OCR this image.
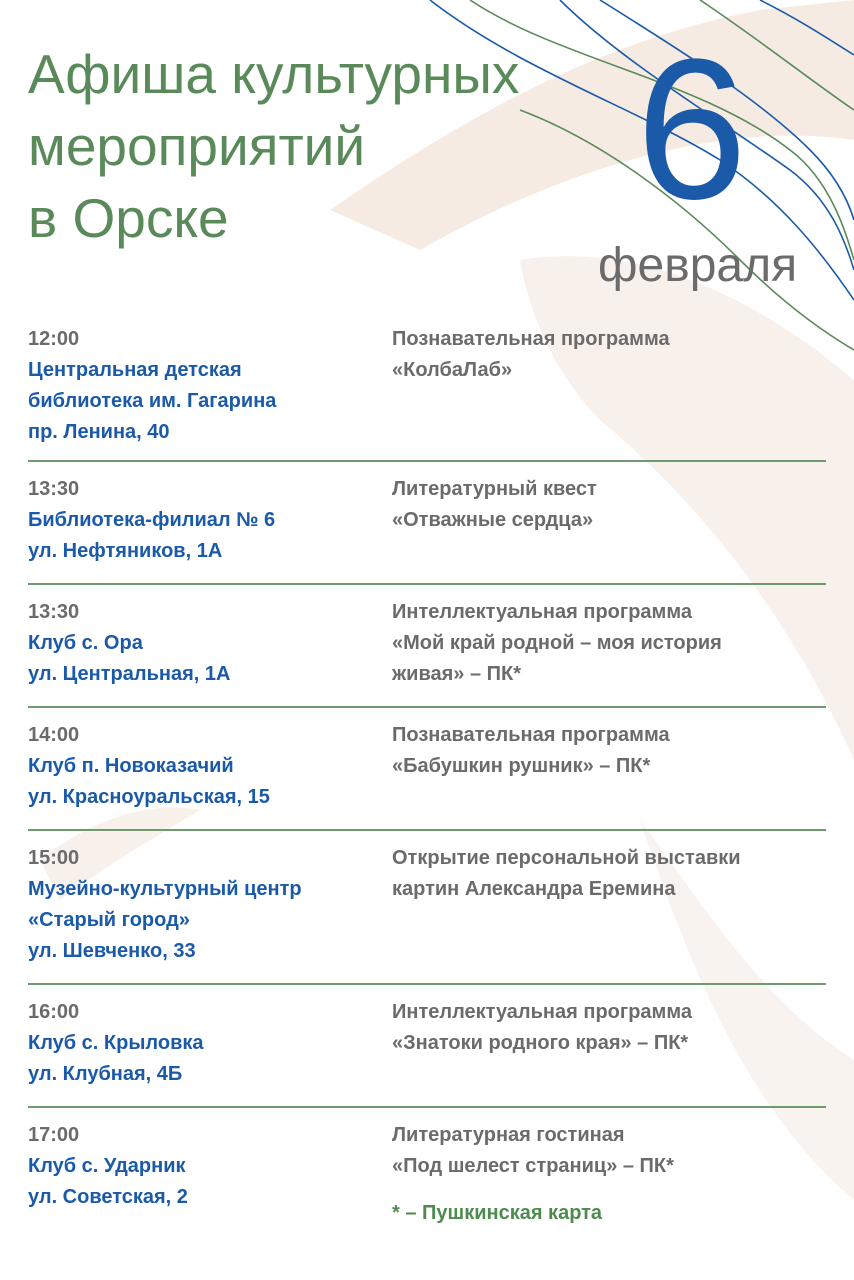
Афиша культурных
мероприятий
в Орске	6
февраля
12:00
Центральная детская
библиотека им. Гагарина
пр. Ленина, 40
Познавательная программа
«КолбаЛаб»
13:30
Библиотека-филиал № 6
ул. Нефтяников, 1А
Литературный квест
«Отважные сердца»
13:30
Клуб с. Ора
ул. Центральная, 1А
Интеллектуальная программа
«Мой край родной – моя история
живая» – ПК*
14:00
Клуб п. Новоказачий
ул. Красноуральская, 15
Познавательная программа
«Бабушкин рушник» – ПК*
15:00
Музейно-культурный центр
«Старый город»
ул. Шевченко, 33
Открытие персональной выставки
картин Александра Еремина
16:00
Клуб с. Крыловка
ул. Клубная, 4Б
Интеллектуальная программа
«Знатоки родного края» – ПК*
17:00
Клуб с. Ударник
ул. Советская, 2
Литературная гостиная
«Под шелест страниц» – ПК*
* – Пушкинская карта
